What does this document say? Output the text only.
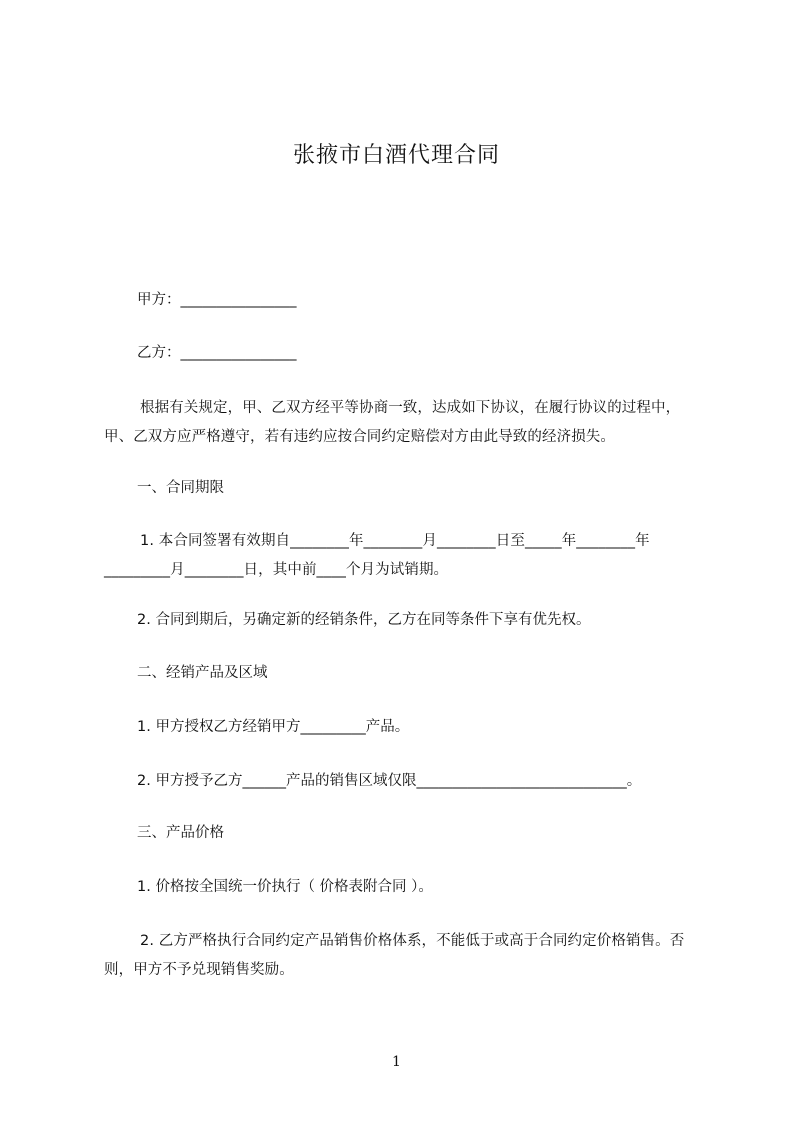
张掖市白酒代理合同
甲方：________________
乙方：________________
根据有关规定，甲、乙双方经平等协商一致，达成如下协议，在履行协议的过程中，甲、乙双方应严格遵守，若有违约应按合同约定赔偿对方由此导致的经济损失。
一、合同期限
1. 本合同签署有效期自________年________月________日至_____年________年_________月________日，其中前____个月为试销期。
2. 合同到期后，另确定新的经销条件，乙方在同等条件下享有优先权。
二、经销产品及区域
1. 甲方授权乙方经销甲方_________产品。
2. 甲方授予乙方______产品的销售区域仅限_____________________________。
三、产品价格
1. 价格按全国统一价执行（ 价格表附合同 ）。
2. 乙方严格执行合同约定产品销售价格体系，不能低于或高于合同约定价格销售。否则，甲方不予兑现销售奖励。
1
